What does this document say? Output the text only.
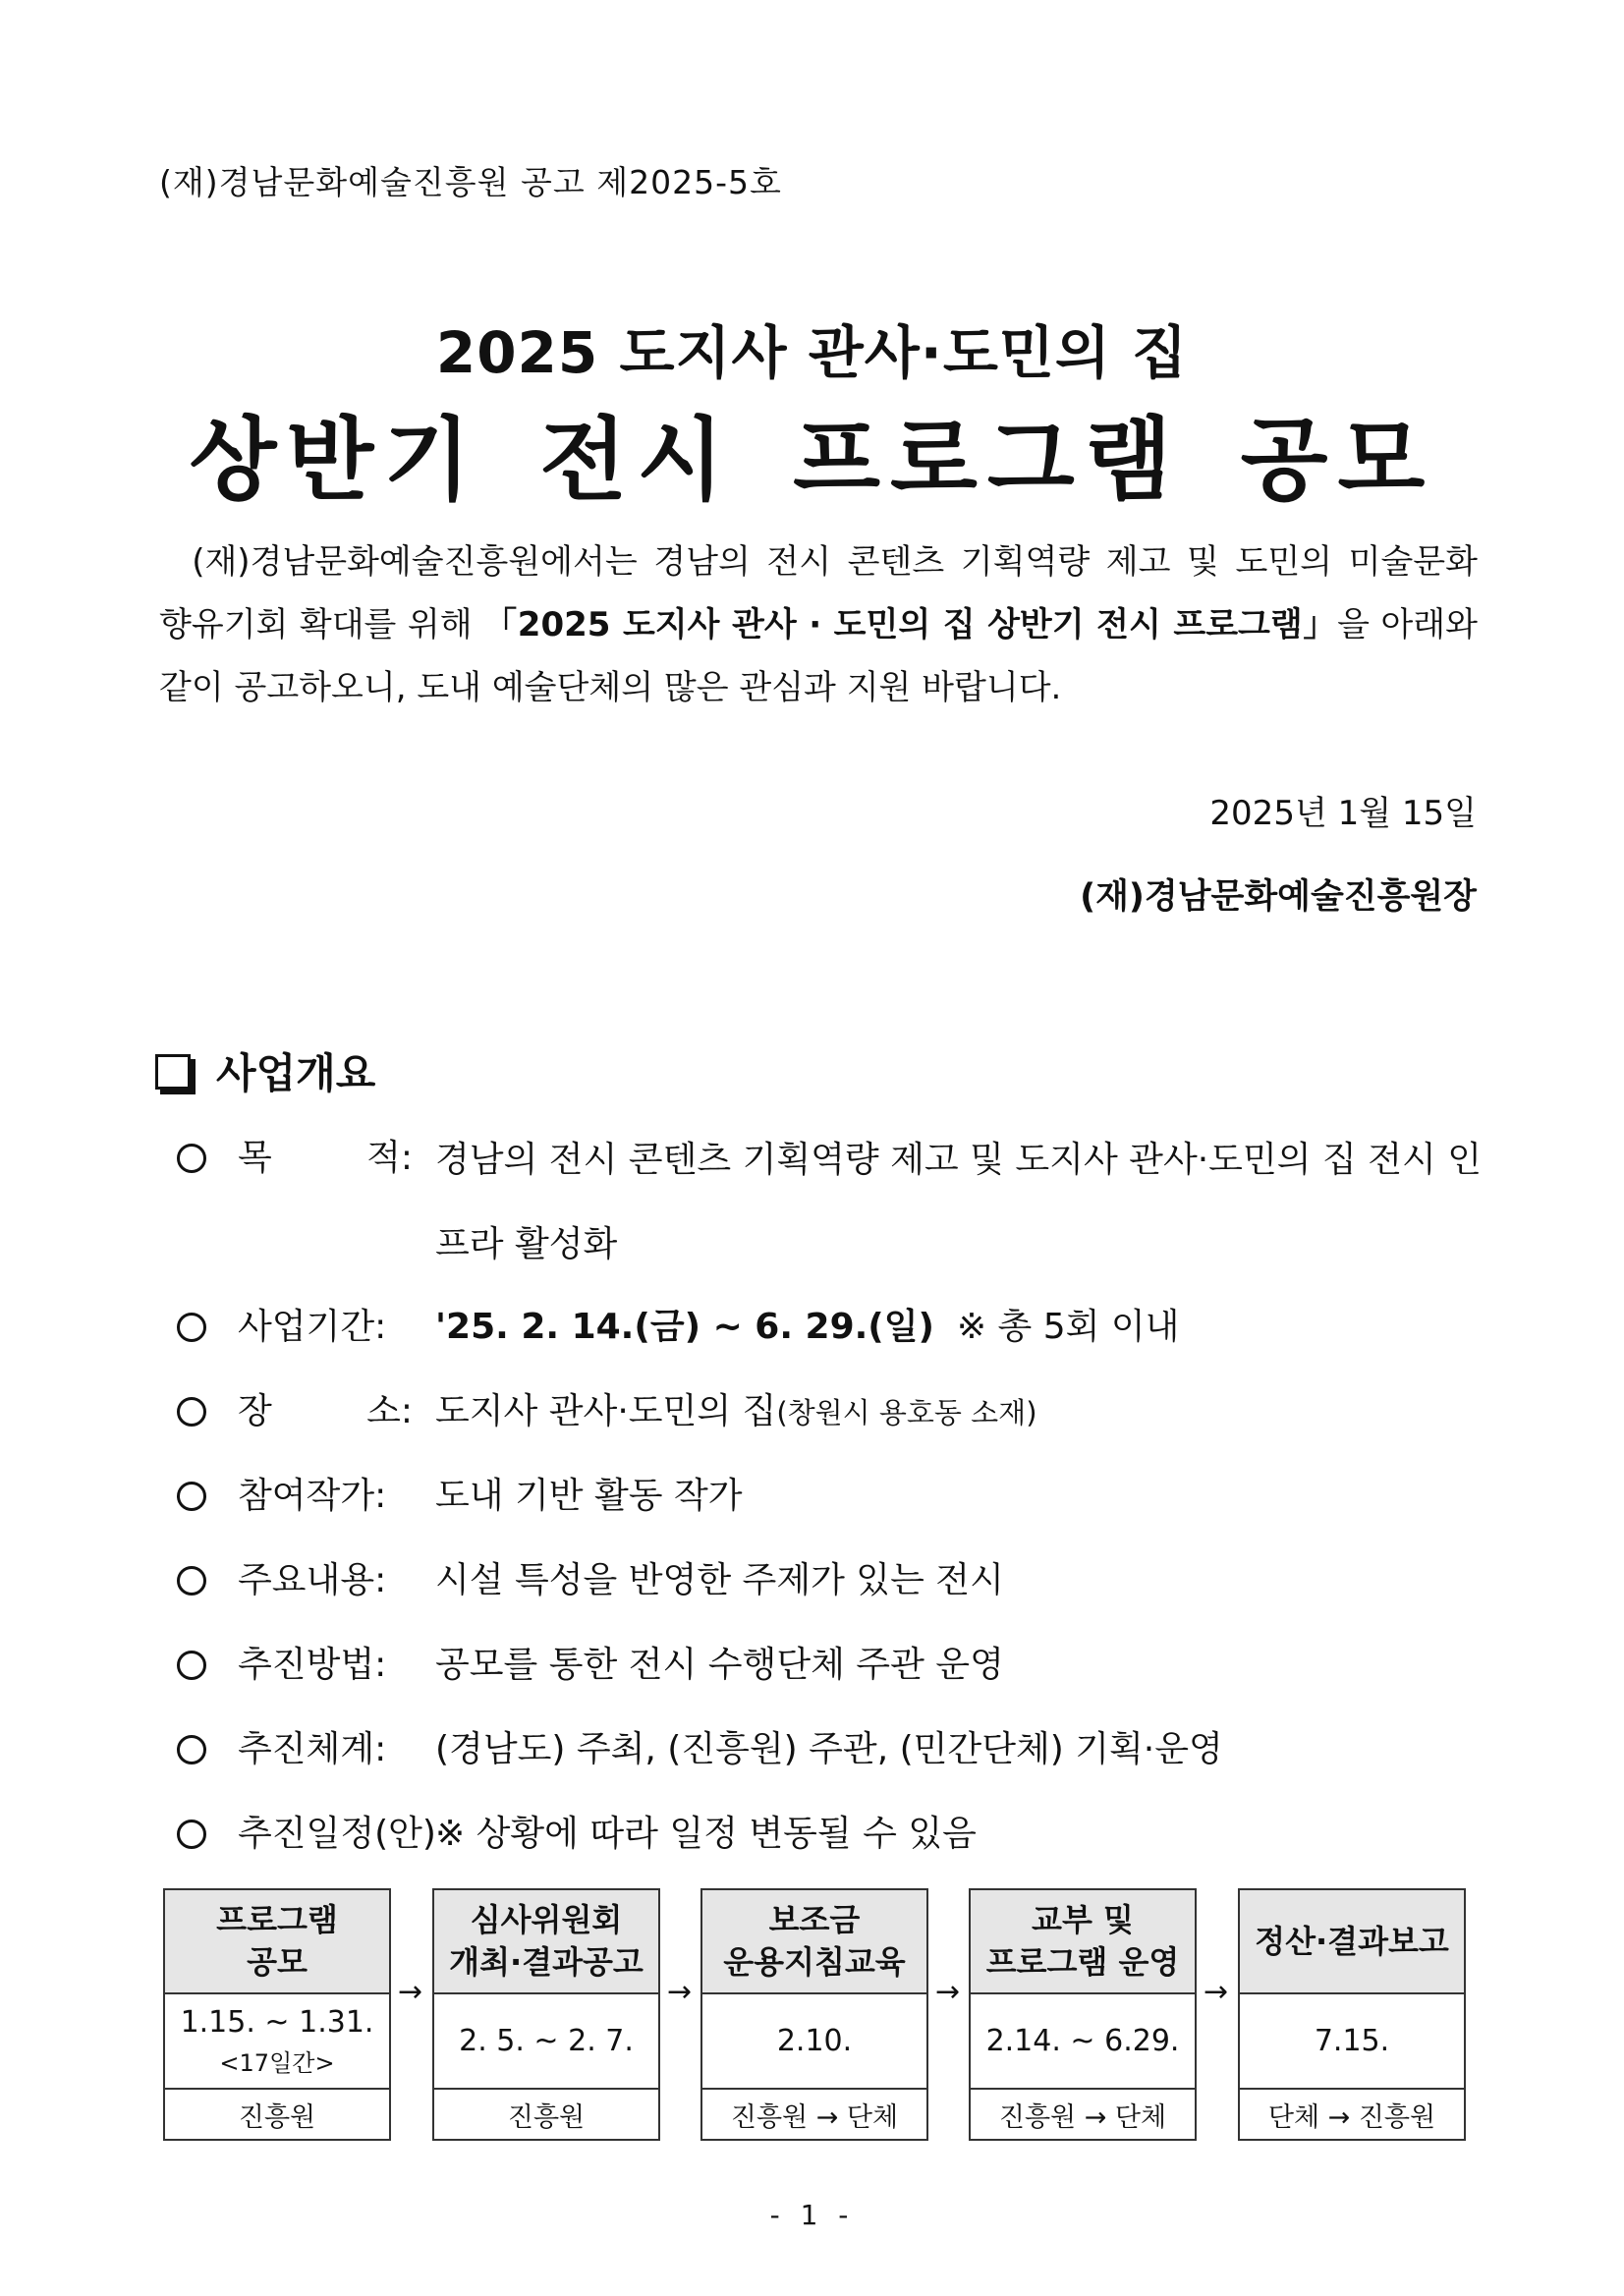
(재)경남문화예술진흥원 공고 제2025-5호
2025 도지사 관사·도민의 집
상반기 전시 프로그램 공모
(재)경남문화예술진흥원에서는 경남의 전시 콘텐츠 기획역량 제고 및 도민의 미술문화 향유기회 확대를 위해 「2025 도지사 관사 · 도민의 집 상반기 전시 프로그램」을 아래와 같이 공고하오니, 도내 예술단체의 많은 관심과 지원 바랍니다.
2025년 1월 15일
(재)경남문화예술진흥원장
사업개요
목	적: 경남의 전시 콘텐츠 기획역량 제고 및 도지사 관사·도민의 집 전시 인프라 활성화
사업기간: '25. 2. 14.(금) ~ 6. 29.(일) ※ 총 5회 이내
장	소: 도지사 관사·도민의 집(창원시 용호동 소재)
참여작가: 도내 기반 활동 작가
주요내용: 시설 특성을 반영한 주제가 있는 전시
추진방법: 공모를 통한 전시 수행단체 주관 운영
추진체계: (경남도) 주최, (진흥원) 주관, (민간단체) 기획·운영
추진일정(안) ※ 상황에 따라 일정 변동될 수 있음
프로그램
공모
1.15. ~ 1.31.
<17일간>
진흥원
→
심사위원회
개최·결과공고
2. 5. ~ 2. 7.
진흥원
→
보조금
운용지침교육
2.10.
진흥원 → 단체
→
교부 및
프로그램 운영
2.14. ~ 6.29.
진흥원 → 단체
→
정산·결과보고
7.15.
단체 → 진흥원
- 1 -
